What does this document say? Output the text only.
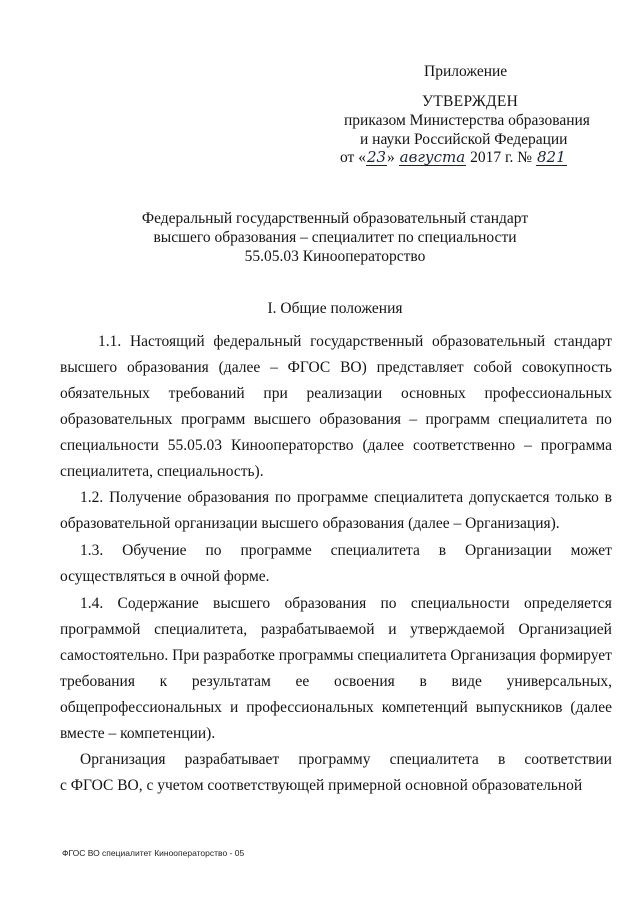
Приложение
УТВЕРЖДЕН
приказом Министерства образования
и науки Российской Федерации
от «23» августа 2017 г. № 821
Федеральный государственный образовательный стандарт
высшего образования – специалитет по специальности
55.05.03 Кинооператорство
I. Общие положения
1.1. Настоящий федеральный государственный образовательный стандарт
высшего образования (далее – ФГОС ВО) представляет собой совокупность
обязательных требований при реализации основных профессиональных
образовательных программ высшего образования – программ специалитета по
специальности 55.05.03 Кинооператорство (далее соответственно – программа
специалитета, специальность).
1.2. Получение образования по программе специалитета допускается только в
образовательной организации высшего образования (далее – Организация).
1.3. Обучение по программе специалитета в Организации может
осуществляться в очной форме.
1.4. Содержание высшего образования по специальности определяется
программой специалитета, разрабатываемой и утверждаемой Организацией
самостоятельно. При разработке программы специалитета Организация формирует
требования к результатам ее освоения в виде универсальных,
общепрофессиональных и профессиональных компетенций выпускников (далее
вместе – компетенции).
Организация разрабатывает программу специалитета в соответствии
с ФГОС ВО, с учетом соответствующей примерной основной образовательной
ФГОС ВО специалитет Кинооператорство - 05
